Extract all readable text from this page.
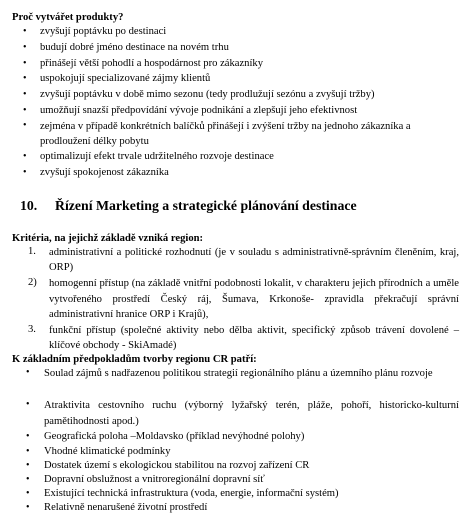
Proč vytvářet produkty?
• zvyšují poptávku po destinaci
• budují dobré jméno destinace na novém trhu
• přinášejí větší pohodlí a hospodárnost pro zákazníky
• uspokojují specializované zájmy klientů
• zvyšují poptávku v době mimo sezonu (tedy prodlužují sezónu a zvyšují tržby)
• umožňují snazší předpovídání vývoje podnikání a zlepšují jeho efektivnost
• zejména v případě konkrétních balíčků přinášejí i zvýšení tržby na jednoho zákazníka a prodloužení délky pobytu
• optimalizují efekt trvale udržitelného rozvoje destinace
• zvyšují spokojenost zákazníka
10. Řízení Marketing a strategické plánování destinace
Kritéria, na jejichž základě vzniká region:
1. administrativní a politické rozhodnutí (je v souladu s administrativně-správním členěním, kraj, ORP)
2) homogenní přístup (na základě vnitřní podobnosti lokalit, v charakteru jejich přírodních a uměle vytvořeného prostředí Český ráj, Šumava, Krkonoše- zpravidla překračují správní administrativní hranice ORP i Krajů),
3. funkční přístup (společné aktivity nebo dělba aktivit, specifický způsob trávení dovolené – klíčové obchody - SkiAmadé)
K základním předpokladům tvorby regionu CR patří:
• Soulad zájmů s nadřazenou politikou strategií regionálního plánu a územního plánu rozvoje
• Atraktivita cestovního ruchu (výborný lyžařský terén, pláže, pohoří, historicko-kulturní pamětihodnosti apod.)
• Geografická poloha –Moldavsko (příklad nevýhodné polohy)
• Vhodné klimatické podmínky
• Dostatek území s ekologickou stabilitou na rozvoj zařízení CR
• Dopravní obslužnost a vnitroregionální dopravní síť
• Existující technická infrastruktura (voda, energie, informační systém)
• Relativně nenarušené životní prostředí
